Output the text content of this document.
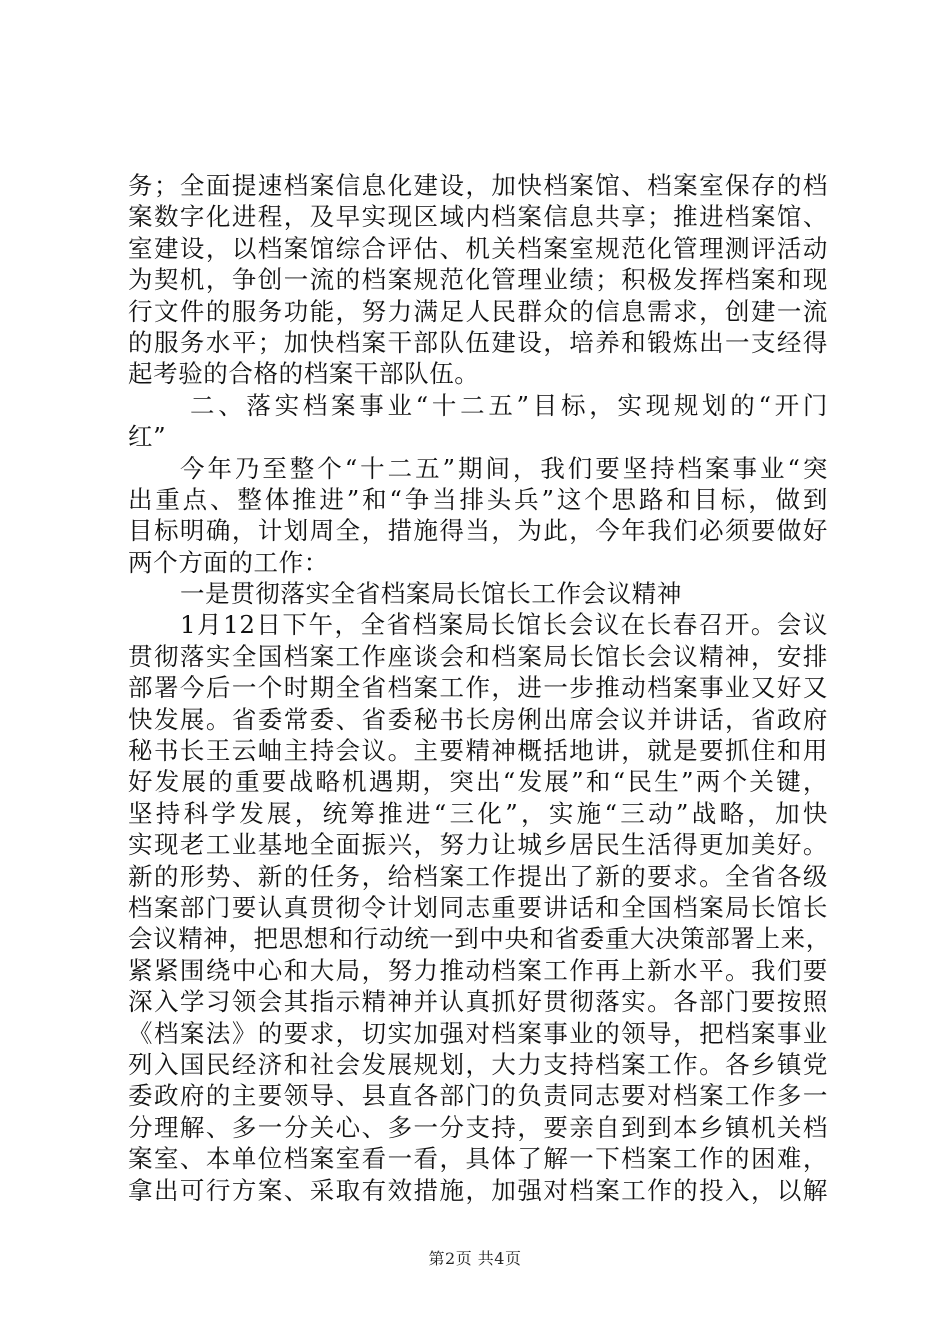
务；全面提速档案信息化建设，加快档案馆、档案室保存的档
案数字化进程，及早实现区域内档案信息共享；推进档案馆、
室建设，以档案馆综合评估、机关档案室规范化管理测评活动
为契机，争创一流的档案规范化管理业绩；积极发挥档案和现
行文件的服务功能，努力满足人民群众的信息需求，创建一流
的服务水平；加快档案干部队伍建设，培养和锻炼出一支经得
起考验的合格的档案干部队伍。
二、落实档案事业“十二五”目标，实现规划的“开门
红”
今年乃至整个“十二五”期间，我们要坚持档案事业“突
出重点、整体推进”和“争当排头兵”这个思路和目标，做到
目标明确，计划周全，措施得当，为此，今年我们必须要做好
两个方面的工作：
一是贯彻落实全省档案局长馆长工作会议精神
1月12日下午，全省档案局长馆长会议在长春召开。会议
贯彻落实全国档案工作座谈会和档案局长馆长会议精神，安排
部署今后一个时期全省档案工作，进一步推动档案事业又好又
快发展。省委常委、省委秘书长房俐出席会议并讲话，省政府
秘书长王云岫主持会议。主要精神概括地讲，就是要抓住和用
好发展的重要战略机遇期，突出“发展”和“民生”两个关键，
坚持科学发展，统筹推进“三化”，实施“三动”战略，加快
实现老工业基地全面振兴，努力让城乡居民生活得更加美好。
新的形势、新的任务，给档案工作提出了新的要求。全省各级
档案部门要认真贯彻令计划同志重要讲话和全国档案局长馆长
会议精神，把思想和行动统一到中央和省委重大决策部署上来，
紧紧围绕中心和大局，努力推动档案工作再上新水平。我们要
深入学习领会其指示精神并认真抓好贯彻落实。各部门要按照
《档案法》的要求，切实加强对档案事业的领导，把档案事业
列入国民经济和社会发展规划，大力支持档案工作。各乡镇党
委政府的主要领导、县直各部门的负责同志要对档案工作多一
分理解、多一分关心、多一分支持，要亲自到到本乡镇机关档
案室、本单位档案室看一看，具体了解一下档案工作的困难，
拿出可行方案、采取有效措施，加强对档案工作的投入，以解
第2页 共4页
